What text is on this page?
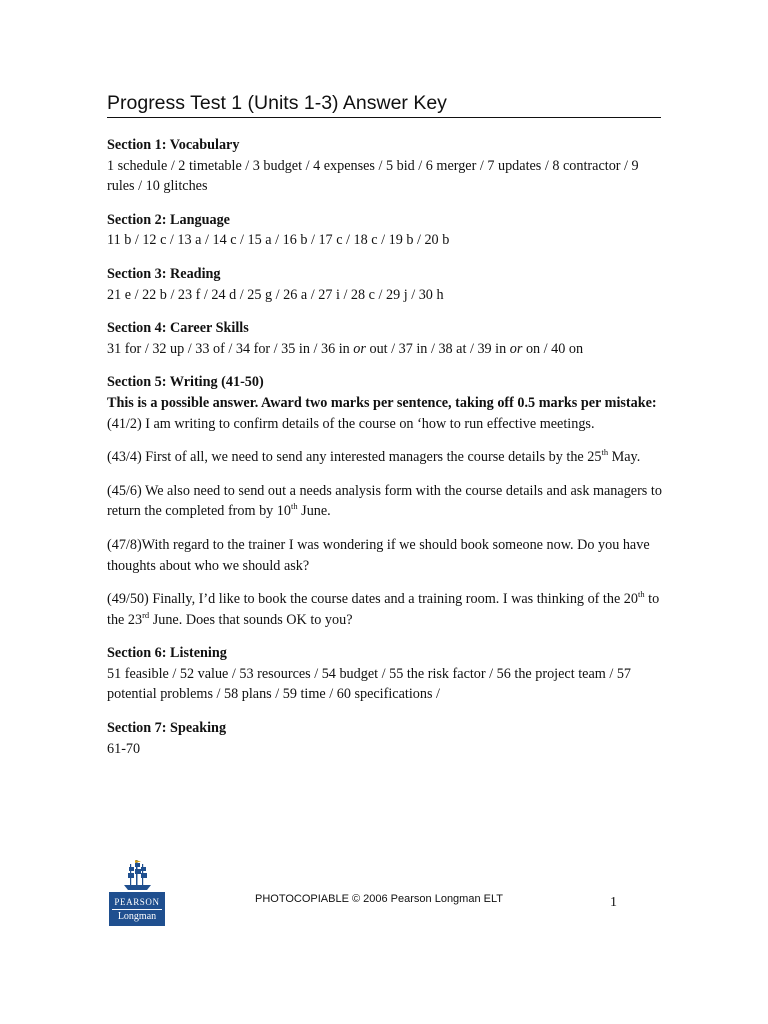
Progress Test 1 (Units 1-3) Answer Key
Section 1: Vocabulary
1 schedule / 2 timetable / 3 budget / 4 expenses / 5 bid / 6 merger / 7 updates / 8 contractor / 9 rules / 10 glitches
Section 2: Language
11 b / 12 c / 13 a / 14 c / 15 a / 16 b / 17 c / 18 c / 19 b / 20 b
Section 3: Reading
21 e / 22 b / 23 f / 24 d / 25 g / 26 a / 27 i / 28 c / 29 j / 30 h
Section 4: Career Skills
31 for / 32 up / 33 of / 34 for / 35 in / 36 in or out / 37 in / 38 at / 39 in or on / 40 on
Section 5: Writing (41-50)
This is a possible answer. Award two marks per sentence, taking off 0.5 marks per mistake:
(41/2) I am writing to confirm details of the course on ‘how to run effective meetings.
(43/4) First of all, we need to send any interested managers the course details by the 25th May.
(45/6) We also need to send out a needs analysis form with the course details and ask managers to return the completed from by 10th June.
(47/8)With regard to the trainer I was wondering if we should book someone now. Do you have thoughts about who we should ask?
(49/50) Finally, I’d like to book the course dates and a training room. I was thinking of the 20th to the 23rd June. Does that sounds OK to you?
Section 6: Listening
51 feasible / 52 value / 53 resources / 54 budget / 55 the risk factor / 56 the project team / 57 potential problems / 58 plans / 59 time / 60 specifications /
Section 7: Speaking
61-70
PEARSON
Longman
PHOTOCOPIABLE © 2006 Pearson Longman ELT	1
